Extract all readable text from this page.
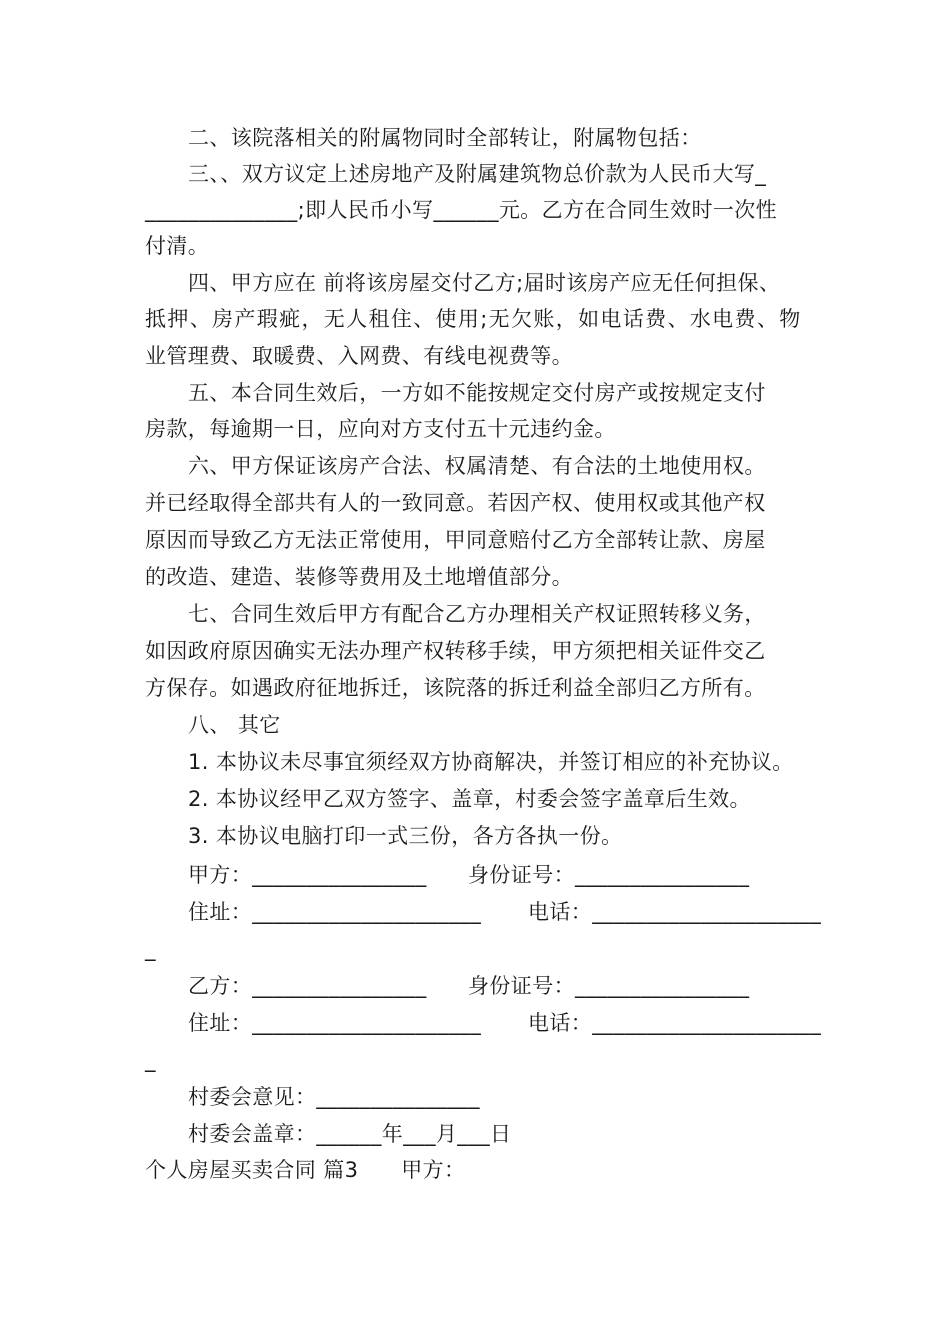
二、该院落相关的附属物同时全部转让，附属物包括：
三、、双方议定上述房地产及附属建筑物总价款为人民币大写_
______________;即人民币小写______元。乙方在合同生效时一次性
付清。
四、甲方应在 前将该房屋交付乙方;届时该房产应无任何担保、
抵押、房产瑕疵，无人租住、使用;无欠账，如电话费、水电费、物
业管理费、取暖费、入网费、有线电视费等。
五、本合同生效后，一方如不能按规定交付房产或按规定支付
房款，每逾期一日，应向对方支付五十元违约金。
六、甲方保证该房产合法、权属清楚、有合法的土地使用权。
并已经取得全部共有人的一致同意。若因产权、使用权或其他产权
原因而导致乙方无法正常使用，甲同意赔付乙方全部转让款、房屋
的改造、建造、装修等费用及土地增值部分。
七、合同生效后甲方有配合乙方办理相关产权证照转移义务，
如因政府原因确实无法办理产权转移手续，甲方须把相关证件交乙
方保存。如遇政府征地拆迁，该院落的拆迁利益全部归乙方所有。
八、 其它
1. 本协议未尽事宜须经双方协商解决，并签订相应的补充协议。
2. 本协议经甲乙双方签字、盖章，村委会签字盖章后生效。
3. 本协议电脑打印一式三份，各方各执一份。
甲方：________________ 身份证号：________________
住址：_____________________ 电话：_____________________
_
乙方：________________ 身份证号：________________
住址：_____________________ 电话：_____________________
_
村委会意见：_______________
村委会盖章：______年___月___日
个人房屋买卖合同 篇3　　甲方：
